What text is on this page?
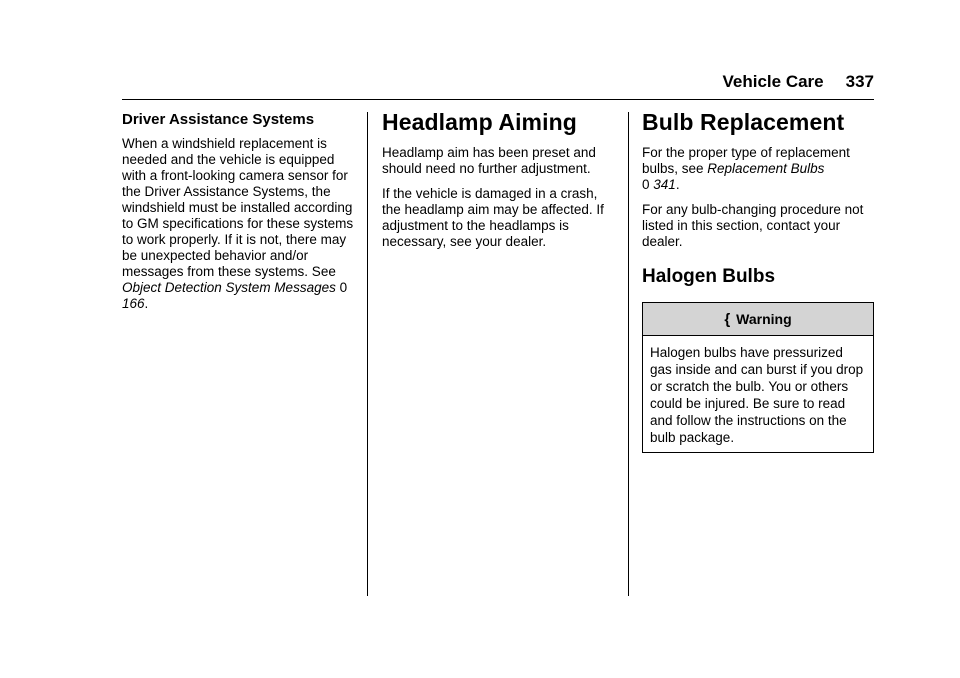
Vehicle Care 337
Driver Assistance Systems

When a windshield replacement is needed and the vehicle is equipped with a front-looking camera sensor for the Driver Assistance Systems, the windshield must be installed according to GM specifications for these systems to work properly. If it is not, there may be unexpected behavior and/or messages from these systems. See Object Detection System Messages 0 166.

Headlamp Aiming

Headlamp aim has been preset and should need no further adjustment.

If the vehicle is damaged in a crash, the headlamp aim may be affected. If adjustment to the headlamps is necessary, see your dealer.

Bulb Replacement

For the proper type of replacement bulbs, see Replacement Bulbs
0 341.

For any bulb-changing procedure not listed in this section, contact your dealer.

Halogen Bulbs
{ Warning

Halogen bulbs have pressurized gas inside and can burst if you drop or scratch the bulb. You or others could be injured. Be sure to read and follow the instructions on the bulb package.
